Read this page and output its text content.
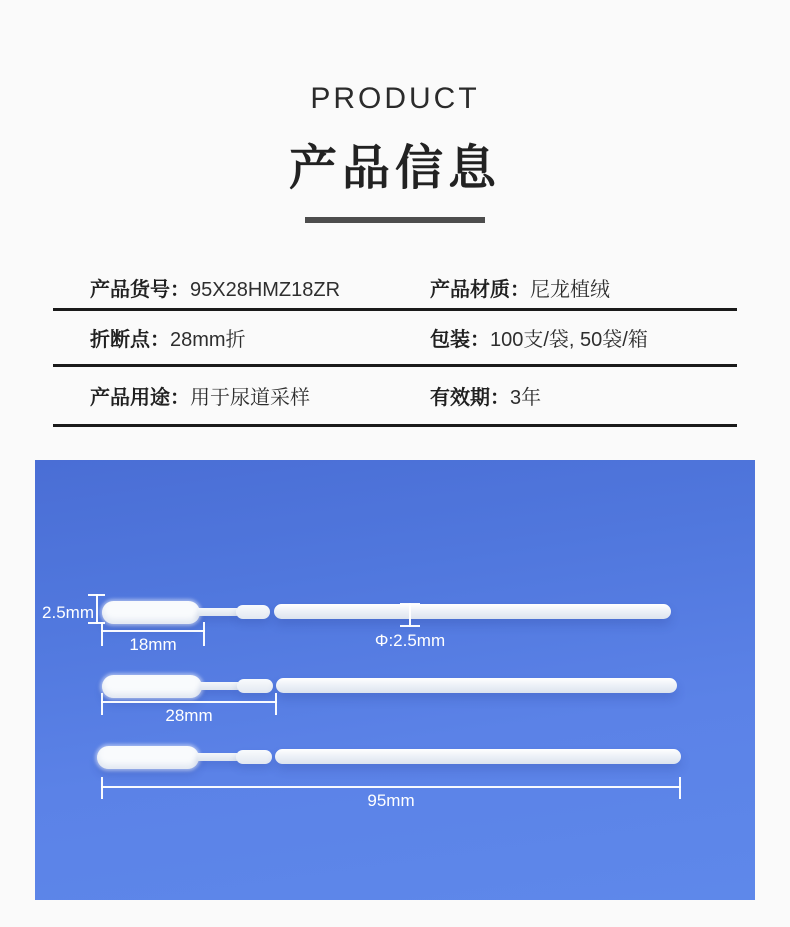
PRODUCT
产品信息
产品货号： 95X28HMZ18ZR	产品材质： 尼龙植绒
折断点： 28mm折	包装： 100支/袋, 50袋/箱
产品用途： 用于尿道采样	有效期： 3年
2.5mm
18mm	Φ:2.5mm
28mm
95mm
